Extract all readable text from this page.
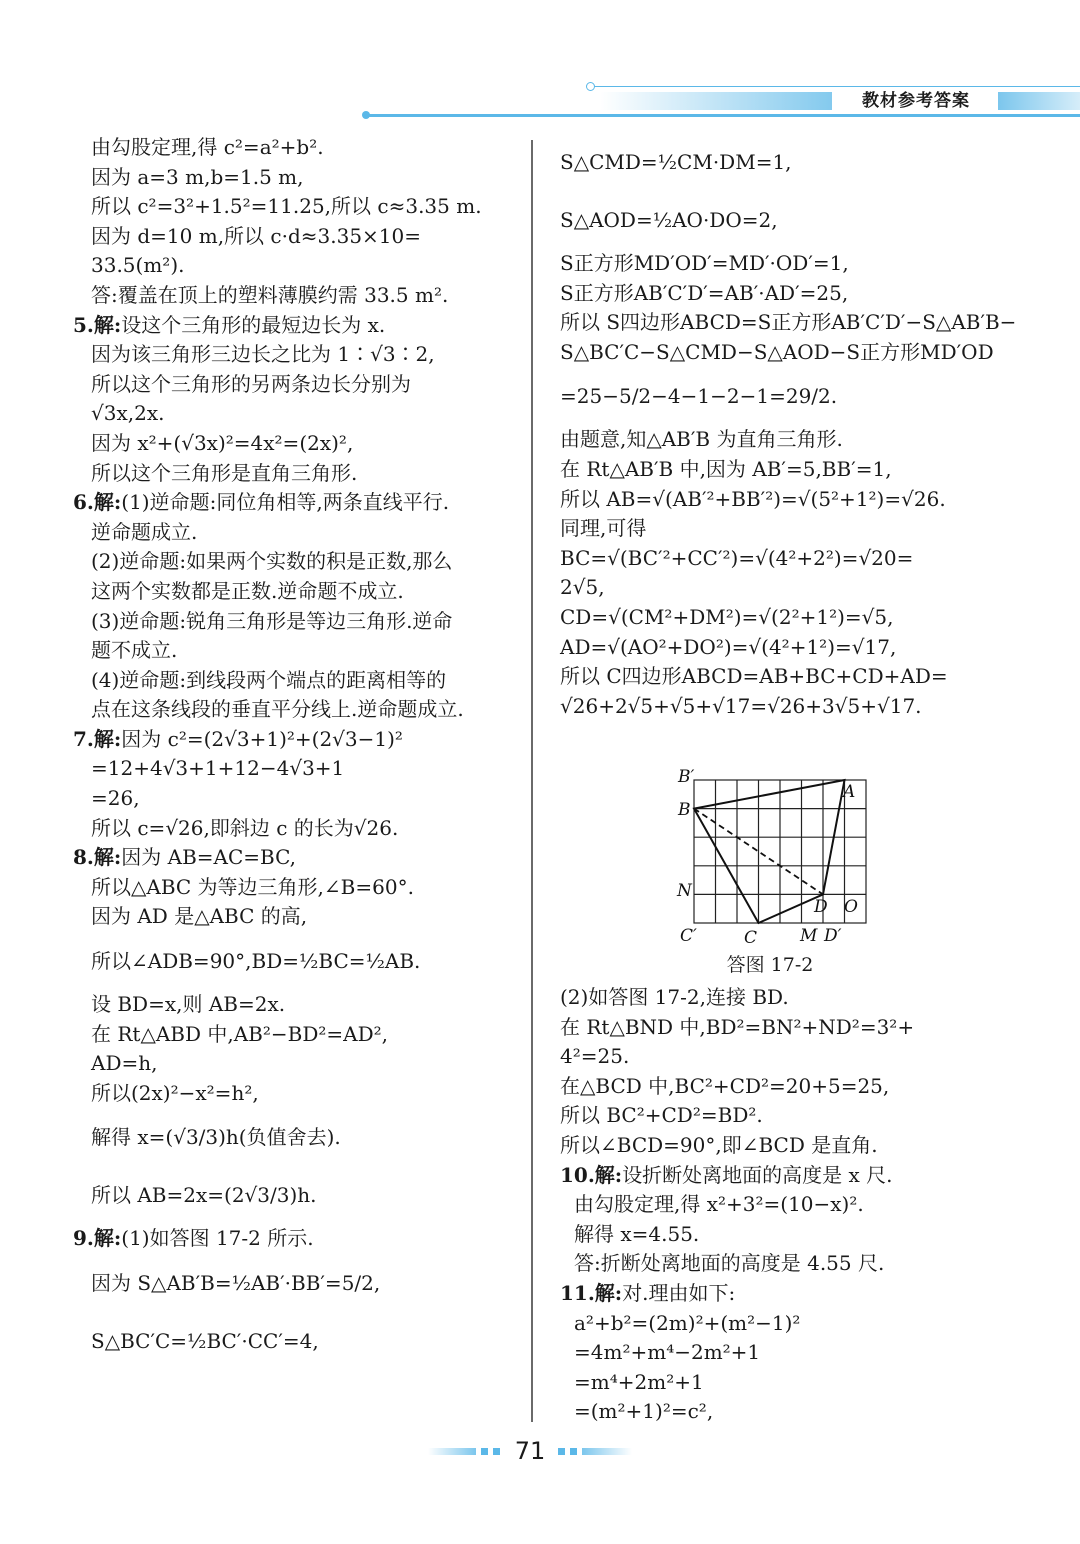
教材参考答案
由勾股定理,得 c²=a²+b².
因为 a=3 m,b=1.5 m,
所以 c²=3²+1.5²=11.25,所以 c≈3.35 m.
因为 d=10 m,所以 c·d≈3.35×10=
33.5(m²).
答:覆盖在顶上的塑料薄膜约需 33.5 m².
5.解:设这个三角形的最短边长为 x.
因为该三角形三边长之比为 1∶√3∶2,
所以这个三角形的另两条边长分别为
√3x,2x.
因为 x²+(√3x)²=4x²=(2x)²,
所以这个三角形是直角三角形.
6.解:(1)逆命题:同位角相等,两条直线平行.
逆命题成立.
(2)逆命题:如果两个实数的积是正数,那么
这两个实数都是正数.逆命题不成立.
(3)逆命题:锐角三角形是等边三角形.逆命
题不成立.
(4)逆命题:到线段两个端点的距离相等的
点在这条线段的垂直平分线上.逆命题成立.
7.解:因为 c²=(2√3+1)²+(2√3−1)²
=12+4√3+1+12−4√3+1
=26,
所以 c=√26,即斜边 c 的长为√26.
8.解:因为 AB=AC=BC,
所以△ABC 为等边三角形,∠B=60°.
因为 AD 是△ABC 的高,
所以∠ADB=90°,BD=½BC=½AB.
设 BD=x,则 AB=2x.
在 Rt△ABD 中,AB²−BD²=AD²,
AD=h,
所以(2x)²−x²=h²,
解得 x=(√3/3)h(负值舍去).
所以 AB=2x=(2√3/3)h.
9.解:(1)如答图 17-2 所示.
因为 S△AB′B=½AB′·BB′=5/2,
S△BC′C=½BC′·CC′=4,
S△CMD=½CM·DM=1,
S△AOD=½AO·DO=2,
S正方形MD′OD′=MD′·OD′=1,
S正方形AB′C′D′=AB′·AD′=25,
所以 S四边形ABCD=S正方形AB′C′D′−S△AB′B−
S△BC′C−S△CMD−S△AOD−S正方形MD′OD
=25−5/2−4−1−2−1=29/2.
由题意,知△AB′B 为直角三角形.
在 Rt△AB′B 中,因为 AB′=5,BB′=1,
所以 AB=√(AB′²+BB′²)=√(5²+1²)=√26.
同理,可得
BC=√(BC′²+CC′²)=√(4²+2²)=√20=
2√5,
CD=√(CM²+DM²)=√(2²+1²)=√5,
AD=√(AO²+DO²)=√(4²+1²)=√17,
所以 C四边形ABCD=AB+BC+CD+AD=
√26+2√5+√5+√17=√26+3√5+√17.
B′
A
B
N
D O
C′	C	M D′
答图 17-2
(2)如答图 17-2,连接 BD.
在 Rt△BND 中,BD²=BN²+ND²=3²+
4²=25.
在△BCD 中,BC²+CD²=20+5=25,
所以 BC²+CD²=BD².
所以∠BCD=90°,即∠BCD 是直角.
10.解:设折断处离地面的高度是 x 尺.
由勾股定理,得 x²+3²=(10−x)².
解得 x=4.55.
答:折断处离地面的高度是 4.55 尺.
11.解:对.理由如下:
a²+b²=(2m)²+(m²−1)²
=4m²+m⁴−2m²+1
=m⁴+2m²+1
=(m²+1)²=c²,
71
